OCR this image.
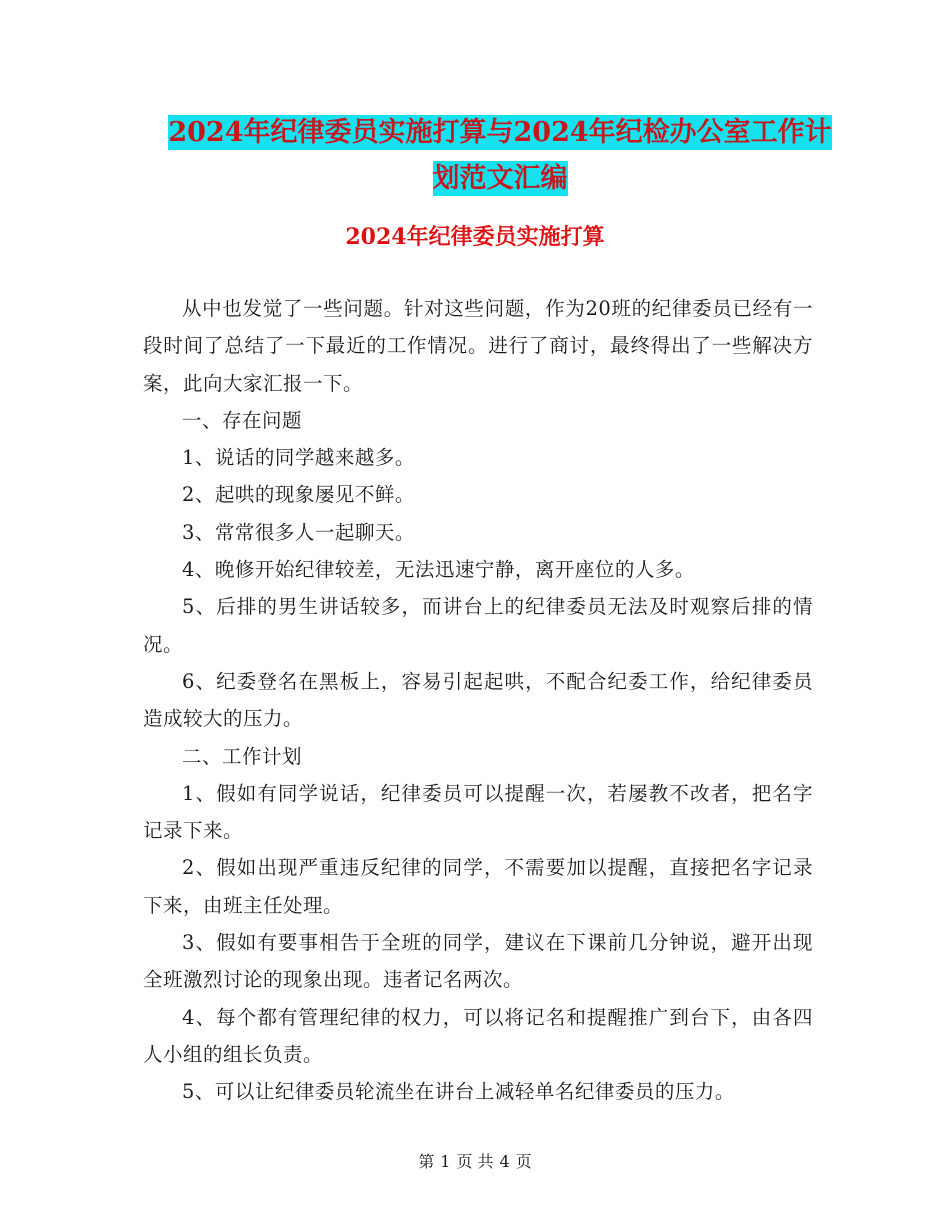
2024年纪律委员实施打算与2024年纪检办公室工作计
划范文汇编
2024年纪律委员实施打算

从中也发觉了一些问题。针对这些问题，作为20班的纪律委员已经有一段时间了总结了一下最近的工作情况。进行了商讨，最终得出了一些解决方案，此向大家汇报一下。

一、存在问题

1、说话的同学越来越多。

2、起哄的现象屡见不鲜。

3、常常很多人一起聊天。

4、晚修开始纪律较差，无法迅速宁静，离开座位的人多。

5、后排的男生讲话较多，而讲台上的纪律委员无法及时观察后排的情况。

6、纪委登名在黑板上，容易引起起哄，不配合纪委工作，给纪律委员造成较大的压力。

二、工作计划

1、假如有同学说话，纪律委员可以提醒一次，若屡教不改者，把名字记录下来。

2、假如出现严重违反纪律的同学，不需要加以提醒，直接把名字记录下来，由班主任处理。

3、假如有要事相告于全班的同学，建议在下课前几分钟说，避开出现全班激烈讨论的现象出现。违者记名两次。

4、每个都有管理纪律的权力，可以将记名和提醒推广到台下，由各四人小组的组长负责。

5、可以让纪律委员轮流坐在讲台上减轻单名纪律委员的压力。

第 1 页 共 4 页
